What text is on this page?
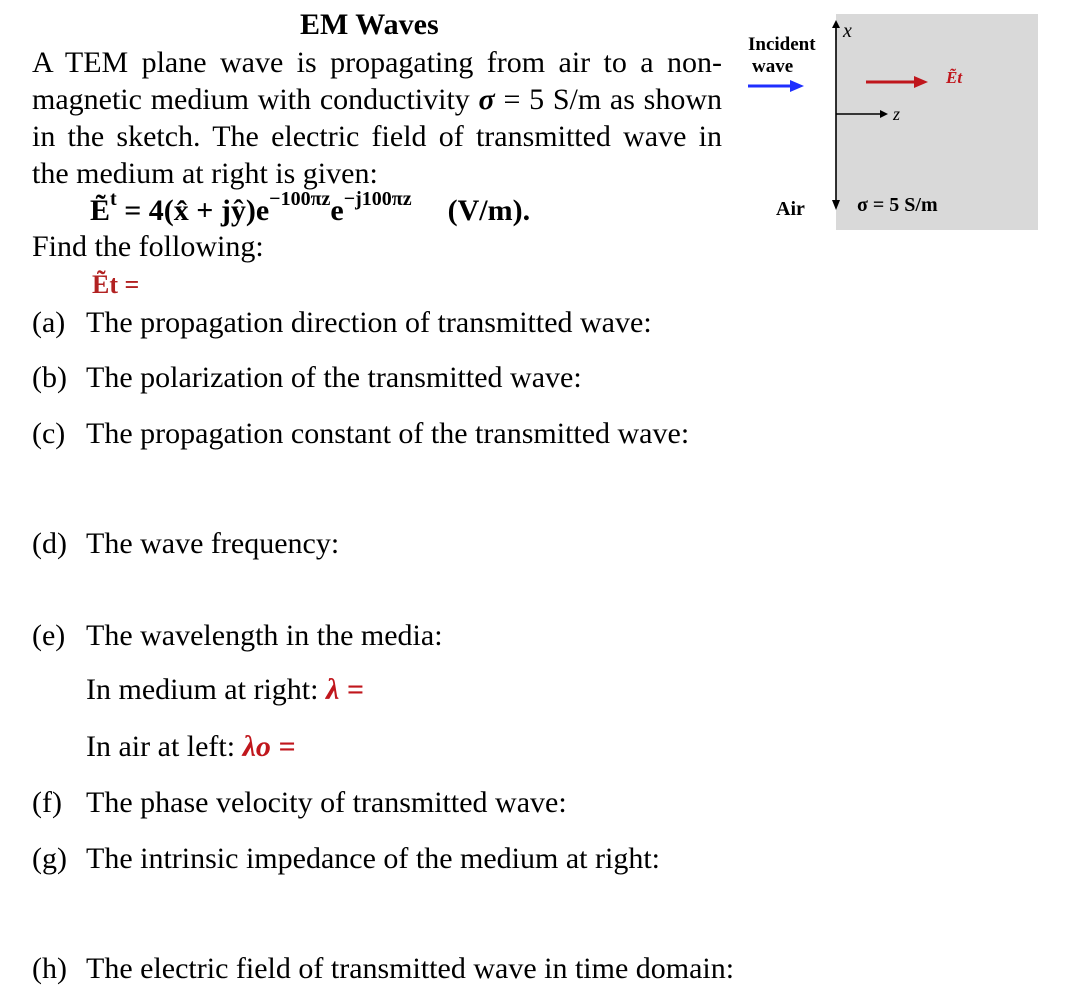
EM Waves
A TEM plane wave is propagating from air to a non-magnetic medium with conductivity σ = 5 S/m as shown in the sketch. The electric field of transmitted wave in the medium at right is given:
Ẽ$^t$ = 4(x̂ + $jŷ)e^{-100\pi z}e^{-j100\pi z}$ (V/m).
Find the following:
Ẽt =
(a) The propagation direction of transmitted wave:
(b) The polarization of the transmitted wave:
(c) The propagation constant of the transmitted wave:
(d) The wave frequency:
(e) The wavelength in the media:
In medium at right: λ =
In air at left: λo =
(f) The phase velocity of transmitted wave:
(g) The intrinsic impedance of the medium at right:
(h) The electric field of transmitted wave in time domain:
Incident
wave
x
z
Ẽt
Air	σ = 5 S/m
